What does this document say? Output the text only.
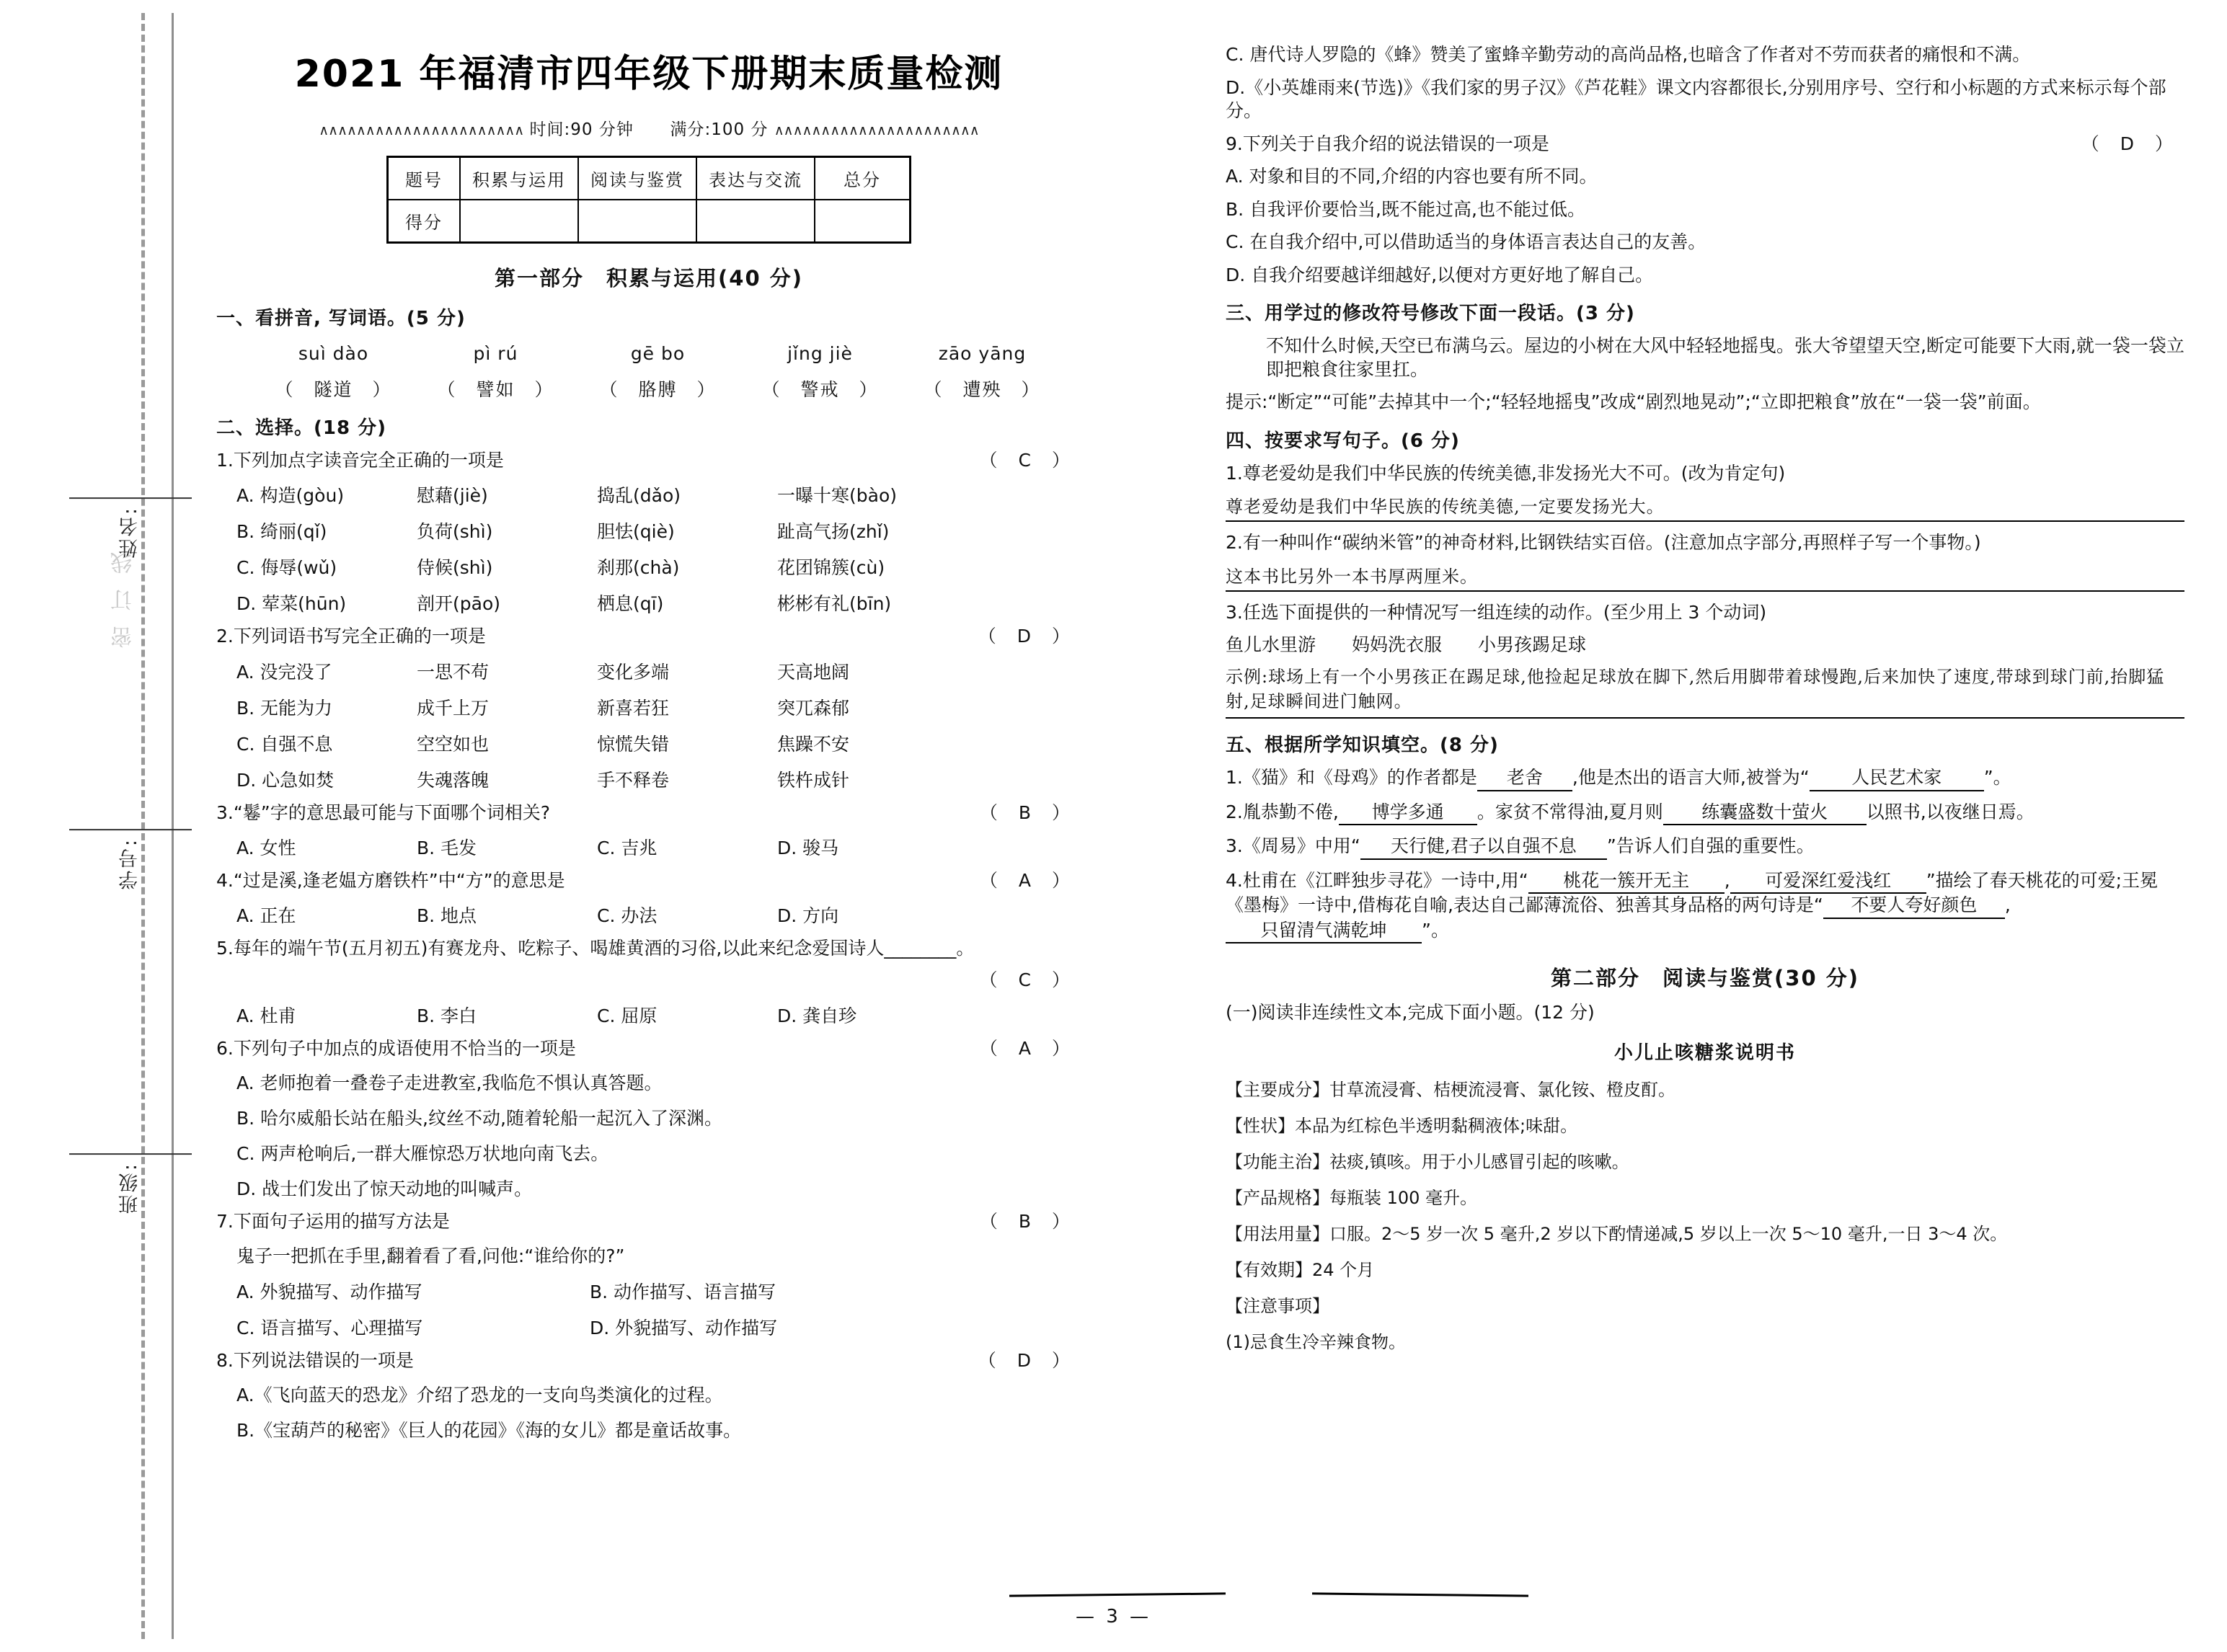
姓名:
学号:
班级:
密 订 线
2021 年福清市四年级下册期末质量检测
∧∧∧∧∧∧∧∧∧∧∧∧∧∧∧∧∧∧∧∧∧∧ 时间:90 分钟 满分:100 分 ∧∧∧∧∧∧∧∧∧∧∧∧∧∧∧∧∧∧∧∧∧∧
题号	积累与运用	阅读与鉴赏	表达与交流	总分
得分				
第一部分　积累与运用(40 分)
一、看拼音, 写词语。(5 分)
suì dào	pì rú	gē bo	jǐng jiè	zāo yāng
（　隧道　）	（　譬如　）	（　胳膊　）	（　警戒　）	（　遭殃　）
二、选择。(18 分)
1.下列加点字读音完全正确的一项是	（　C　）
A. 构造(gòu)	慰藉(jiè)	捣乱(dǎo)	一曝十寒(bào)
B. 绮丽(qǐ)	负荷(shì)	胆怯(qiè)	趾高气扬(zhǐ)
C. 侮辱(wǔ)	侍候(shì)	刹那(chà)	花团锦簇(cù)
D. 荤菜(hūn)	剖开(pāo)	栖息(qī)	彬彬有礼(bīn)
2.下列词语书写完全正确的一项是	（　D　）
A. 没完没了	一思不苟	变化多端	天高地阔
B. 无能为力	成千上万	新喜若狂	突兀森郁
C. 自强不息	空空如也	惊慌失错	焦躁不安
D. 心急如焚	失魂落魄	手不释卷	铁杵成针
3.“鬈”字的意思最可能与下面哪个词相关?	（　B　）
A. 女性	B. 毛发	C. 吉兆	D. 骏马
4.“过是溪,逢老媪方磨铁杵”中“方”的意思是	（　A　）
A. 正在	B. 地点	C. 办法	D. 方向
5.每年的端午节(五月初五)有赛龙舟、吃粽子、喝雄黄酒的习俗,以此来纪念爱国诗人________。
（　C　）

A. 杜甫	B. 李白	C. 屈原	D. 龚自珍
6.下列句子中加点的成语使用不恰当的一项是	（　A　）
A. 老师抱着一叠卷子走进教室,我临危不惧认真答题。
B. 哈尔威船长站在船头,纹丝不动,随着轮船一起沉入了深渊。
C. 两声枪响后,一群大雁惊恐万状地向南飞去。
D. 战士们发出了惊天动地的叫喊声。
7.下面句子运用的描写方法是	（　B　）
鬼子一把抓在手里,翻着看了看,问他:“谁给你的?”
A. 外貌描写、动作描写	B. 动作描写、语言描写
C. 语言描写、心理描写	D. 外貌描写、动作描写
8.下列说法错误的一项是	（　D　）
A.《飞向蓝天的恐龙》介绍了恐龙的一支向鸟类演化的过程。
B.《宝葫芦的秘密》《巨人的花园》《海的女儿》都是童话故事。
C. 唐代诗人罗隐的《蜂》赞美了蜜蜂辛勤劳动的高尚品格,也暗含了作者对不劳而获者的痛恨和不满。
D.《小英雄雨来(节选)》《我们家的男子汉》《芦花鞋》课文内容都很长,分别用序号、空行和小标题的方式来标示每个部分。
9.下列关于自我介绍的说法错误的一项是	（　D　）
A. 对象和目的不同,介绍的内容也要有所不同。
B. 自我评价要恰当,既不能过高,也不能过低。
C. 在自我介绍中,可以借助适当的身体语言表达自己的友善。
D. 自我介绍要越详细越好,以便对方更好地了解自己。
三、用学过的修改符号修改下面一段话。(3 分)
不知什么时候,天空已布满乌云。屋边的小树在大风中轻轻地摇曳。张大爷望望天空,断定可能要下大雨,就一袋一袋立即把粮食往家里扛。
提示:“断定”“可能”去掉其中一个;“轻轻地摇曳”改成“剧烈地晃动”;“立即把粮食”放在“一袋一袋”前面。
四、按要求写句子。(6 分)
1.尊老爱幼是我们中华民族的传统美德,非发扬光大不可。(改为肯定句)
尊老爱幼是我们中华民族的传统美德,一定要发扬光大。
2.有一种叫作“碳纳米管”的神奇材料,比钢铁结实百倍。(注意加点字部分,再照样子写一个事物。)
这本书比另外一本书厚两厘米。
3.任选下面提供的一种情况写一组连续的动作。(至少用上 3 个动词)
鱼儿水里游　　妈妈洗衣服　　小男孩踢足球
示例:球场上有一个小男孩正在踢足球,他捡起足球放在脚下,然后用脚带着球慢跑,后来加快了速度,带球到球门前,抬脚猛射,足球瞬间进门触网。
五、根据所学知识填空。(8 分)
1.《猫》和《母鸡》的作者都是 老舍 ,他是杰出的语言大师,被誉为“ 人民艺术家 ”。
2.胤恭勤不倦, 博学多通 。家贫不常得油,夏月则 练囊盛数十萤火 以照书,以夜继日焉。
3.《周易》中用“ 天行健,君子以自强不息 ”告诉人们自强的重要性。
4.杜甫在《江畔独步寻花》一诗中,用“ 桃花一簇开无主 , 可爱深红爱浅红 ”描绘了春天桃花的可爱;王冕《墨梅》一诗中,借梅花自喻,表达自己鄙薄流俗、独善其身品格的两句诗是“ 不要人夸好颜色 ,只留清气满乾坤 ”。
第二部分　阅读与鉴赏(30 分)
(一)阅读非连续性文本,完成下面小题。(12 分)
小儿止咳糖浆说明书
【主要成分】甘草流浸膏、桔梗流浸膏、氯化铵、橙皮酊。
【性状】本品为红棕色半透明黏稠液体;味甜。
【功能主治】祛痰,镇咳。用于小儿感冒引起的咳嗽。
【产品规格】每瓶装 100 毫升。
【用法用量】口服。2～5 岁一次 5 毫升,2 岁以下酌情递减,5 岁以上一次 5～10 毫升,一日 3～4 次。
【有效期】24 个月
【注意事项】
(1)忌食生冷辛辣食物。
— 3 —
